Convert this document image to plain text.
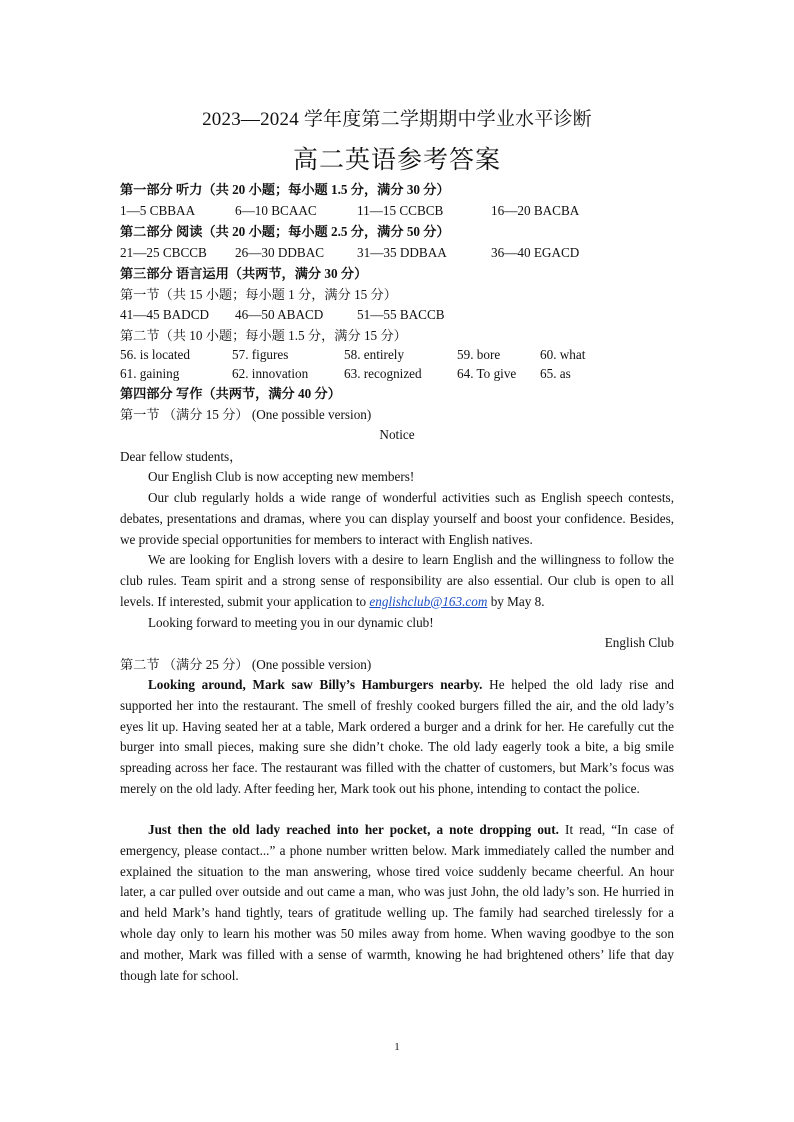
2023—2024 学年度第二学期期中学业水平诊断
高二英语参考答案
第一部分 听力（共 20 小题；每小题 1.5 分，满分 30 分）
1—5 CBBAA	6—10 BCAAC	11—15 CCBCB	16—20 BACBA
第二部分 阅读（共 20 小题；每小题 2.5 分，满分 50 分）
21—25 CBCCB 26—30 DDBAC 31—35 DDBAA	36—40 EGACD
第三部分 语言运用（共两节，满分 30 分）
第一节（共 15 小题；每小题 1 分，满分 15 分）
41—45 BADCD 46—50 ABACD	51—55 BACCB
第二节（共 10 小题；每小题 1.5 分，满分 15 分）
56. is located	57. figures	58. entirely	59. bore	60. what
61. gaining	62. innovation	63. recognized	64. To give 65. as
第四部分 写作（共两节，满分 40 分）
第一节 （满分 15 分） (One possible version)
Notice
Dear fellow students，
Our English Club is now accepting new members!
Our club regularly holds a wide range of wonderful activities such as English speech contests, debates, presentations and dramas, where you can display yourself and boost your confidence. Besides, we provide special opportunities for members to interact with English natives.
We are looking for English lovers with a desire to learn English and the willingness to follow the club rules. Team spirit and a strong sense of responsibility are also essential. Our club is open to all levels. If interested, submit your application to englishclub@163.com by May 8.
Looking forward to meeting you in our dynamic club!
English Club
第二节 （满分 25 分） (One possible version)
Looking around, Mark saw Billy’s Hamburgers nearby. He helped the old lady rise and supported her into the restaurant. The smell of freshly cooked burgers filled the air, and the old lady’s eyes lit up. Having seated her at a table, Mark ordered a burger and a drink for her. He carefully cut the burger into small pieces, making sure she didn’t choke. The old lady eagerly took a bite, a big smile spreading across her face. The restaurant was filled with the chatter of customers, but Mark’s focus was merely on the old lady. After feeding her, Mark took out his phone, intending to contact the police.
Just then the old lady reached into her pocket, a note dropping out. It read, “In case of emergency, please contact...” a phone number written below. Mark immediately called the number and explained the situation to the man answering, whose tired voice suddenly became cheerful. An hour later, a car pulled over outside and out came a man, who was just John, the old lady’s son. He hurried in and held Mark’s hand tightly, tears of gratitude welling up. The family had searched tirelessly for a whole day only to learn his mother was 50 miles away from home. When waving goodbye to the son and mother, Mark was filled with a sense of warmth, knowing he had brightened others’ life that day though late for school.
1
